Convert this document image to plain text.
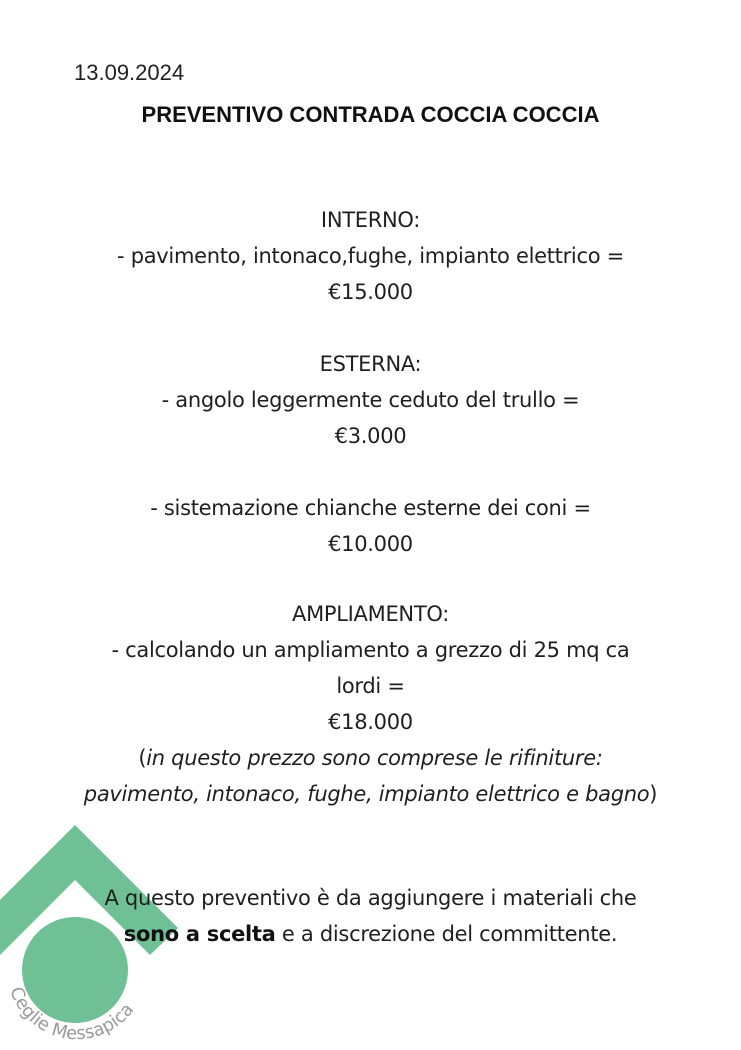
13.09.2024
PREVENTIVO CONTRADA COCCIA COCCIA
INTERNO:
- pavimento, intonaco,fughe, impianto elettrico =
€15.000
ESTERNA:
- angolo leggermente ceduto del trullo =
€3.000
- sistemazione chianche esterne dei coni =
€10.000
AMPLIAMENTO:
- calcolando un ampliamento a grezzo di 25 mq ca
lordi =
€18.000
(in questo prezzo sono comprese le rifiniture:
pavimento, intonaco, fughe, impianto elettrico e bagno)
Ceglie Messapica
A questo preventivo è da aggiungere i materiali che
sono a scelta e a discrezione del committente.
